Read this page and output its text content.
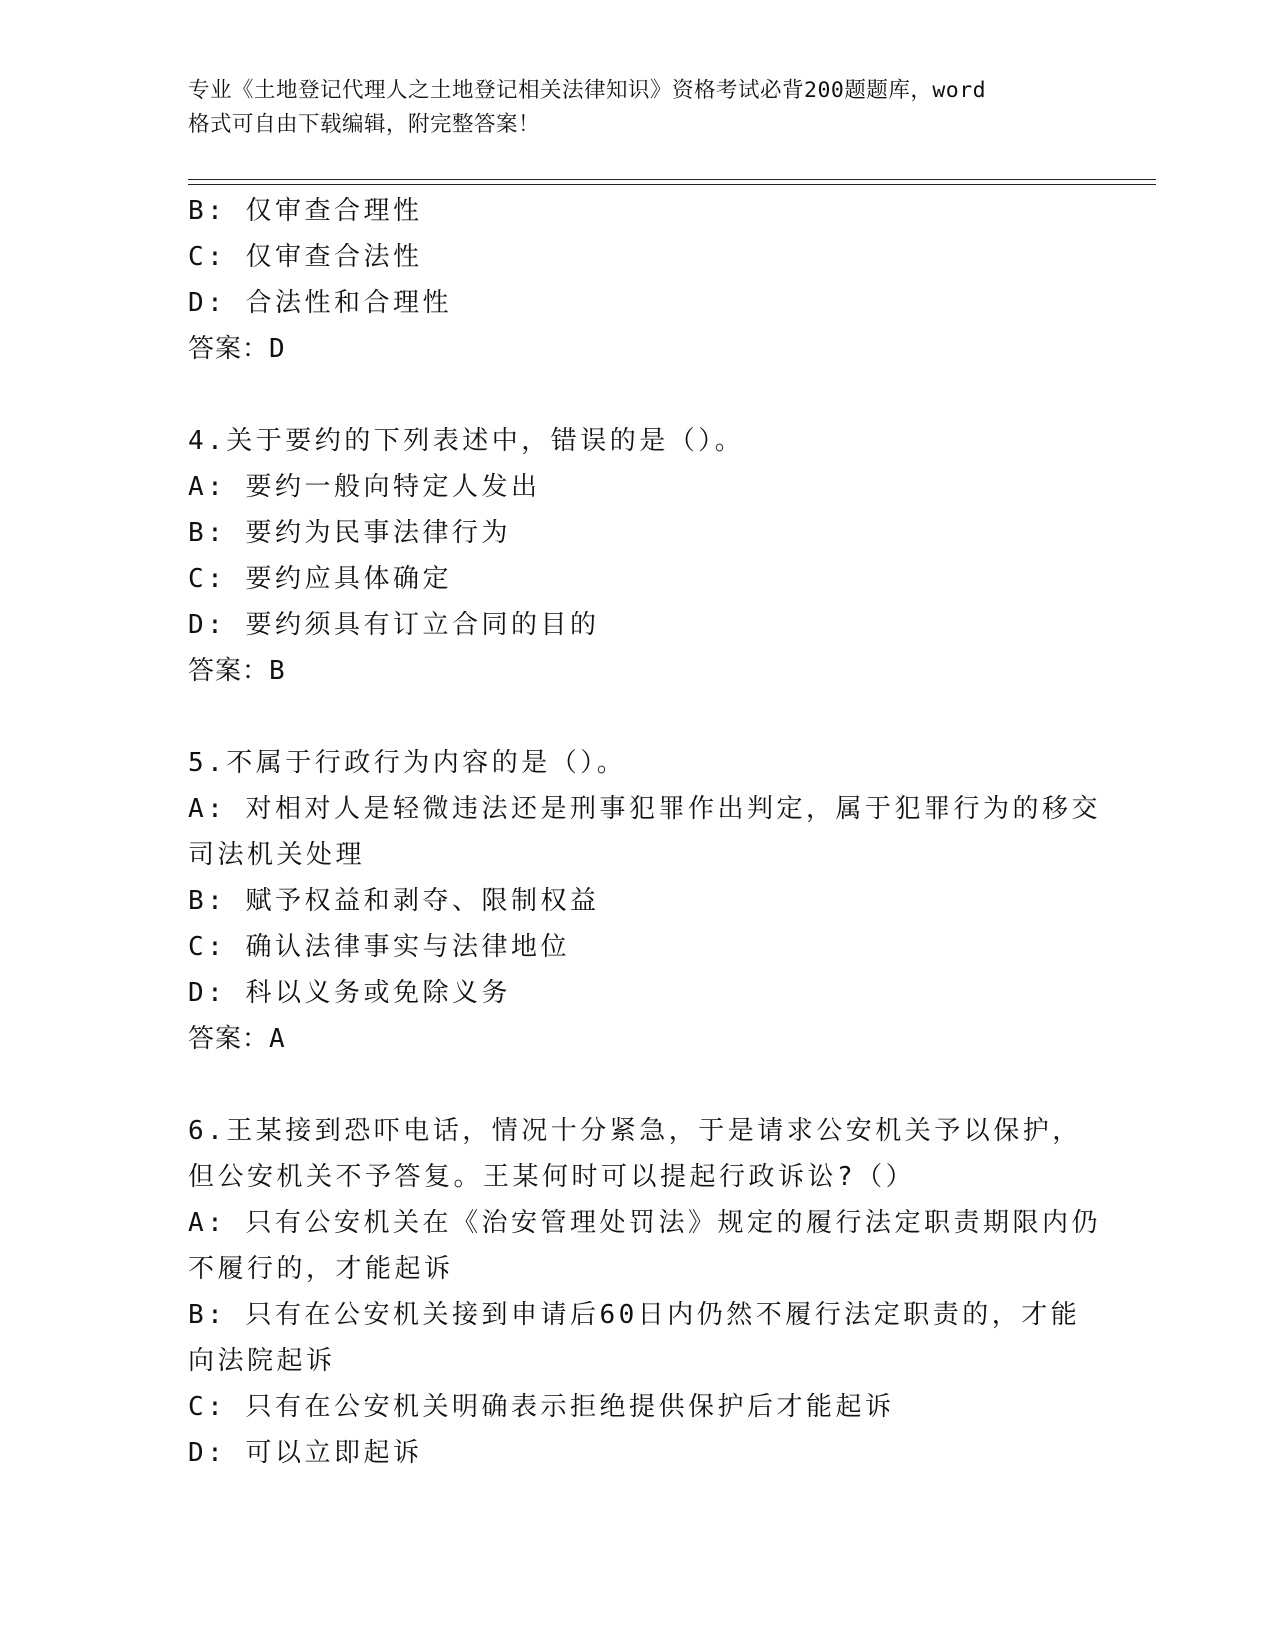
专业《土地登记代理人之土地登记相关法律知识》资格考试必背200题题库，word
格式可自由下载编辑，附完整答案！
B: 仅审查合理性
C: 仅审查合法性
D: 合法性和合理性
答案：D
4.关于要约的下列表述中，错误的是（）。
A: 要约一般向特定人发出
B: 要约为民事法律行为
C: 要约应具体确定
D: 要约须具有订立合同的目的
答案：B
5.不属于行政行为内容的是（）。
A: 对相对人是轻微违法还是刑事犯罪作出判定，属于犯罪行为的移交
司法机关处理
B: 赋予权益和剥夺、限制权益
C: 确认法律事实与法律地位
D: 科以义务或免除义务
答案：A
6.王某接到恐吓电话，情况十分紧急，于是请求公安机关予以保护，
但公安机关不予答复。王某何时可以提起行政诉讼?（）
A: 只有公安机关在《治安管理处罚法》规定的履行法定职责期限内仍
不履行的，才能起诉
B: 只有在公安机关接到申请后60日内仍然不履行法定职责的，才能
向法院起诉
C: 只有在公安机关明确表示拒绝提供保护后才能起诉
D: 可以立即起诉
